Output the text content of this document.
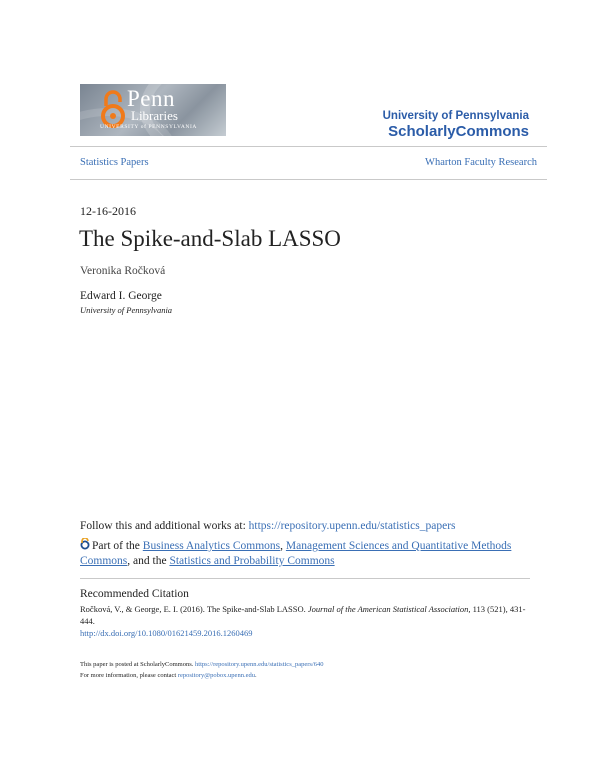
Penn
Libraries
UNIVERSITY of PENNSYLVANIA
University of Pennsylvania
ScholarlyCommons
Statistics Papers	Wharton Faculty Research
12-16-2016
The Spike-and-Slab LASSO
Veronika Ročková
Edward I. George
University of Pennsylvania
Follow this and additional works at: https://repository.upenn.edu/statistics_papers
Part of the Business Analytics Commons, Management Sciences and Quantitative Methods Commons, and the Statistics and Probability Commons
Recommended Citation
Ročková, V., & George, E. I. (2016). The Spike-and-Slab LASSO. Journal of the American Statistical Association, 113 (521), 431-444.
http://dx.doi.org/10.1080/01621459.2016.1260469
This paper is posted at ScholarlyCommons. https://repository.upenn.edu/statistics_papers/640
For more information, please contact repository@pobox.upenn.edu.
